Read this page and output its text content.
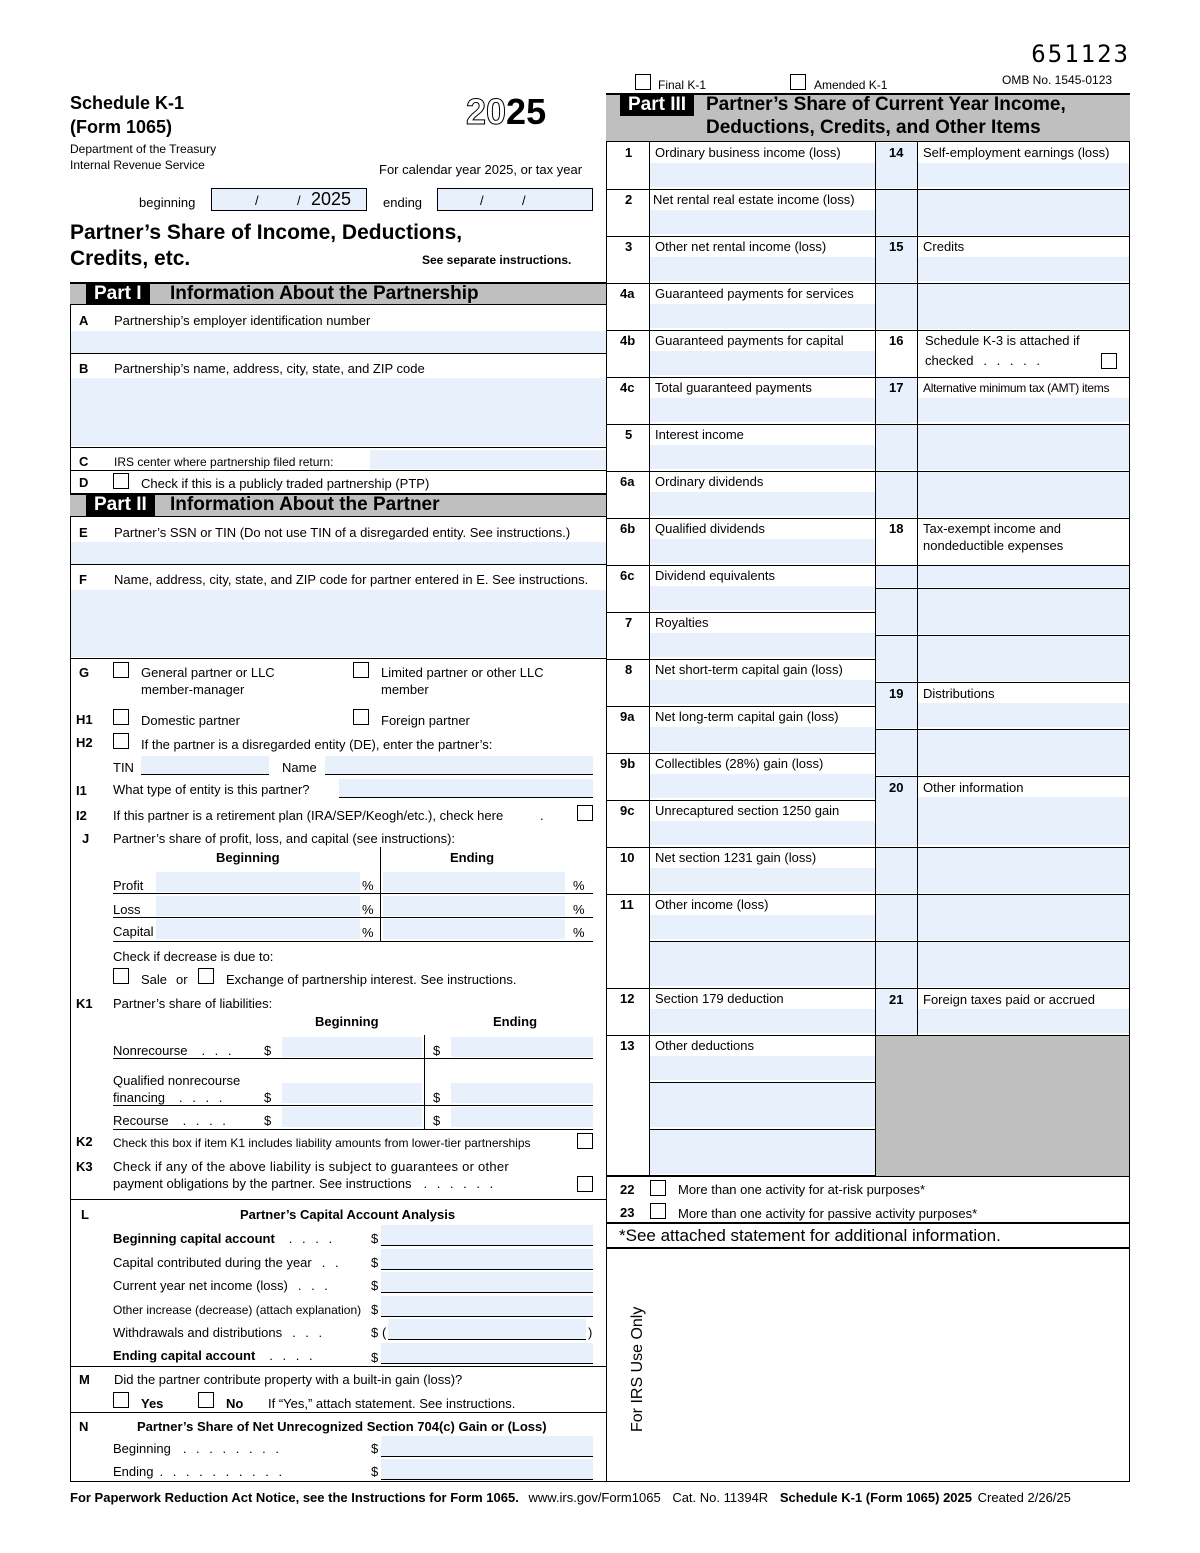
651123
OMB No. 1545-0123
Final K-1	Amended K-1
Schedule K-1
(Form 1065)	2025
Department of the Treasury
Internal Revenue Service	For calendar year 2025, or tax year
beginning	/	/ 2025 ending	/	/
Partner’s Share of Income, Deductions,
Credits, etc.	See separate instructions.
Part I	Information About the Partnership
A Partnership’s employer identification number
B Partnership’s name, address, city, state, and ZIP code
C IRS center where partnership filed return:
D	Check if this is a publicly traded partnership (PTP)
Part II	Information About the Partner
E Partner’s SSN or TIN (Do not use TIN of a disregarded entity. See instructions.)
F Name, address, city, state, and ZIP code for partner entered in E. See instructions.
G	General partner or LLC
member-manager
Limited partner or other LLC
member
H1	Domestic partner	Foreign partner
H2	If the partner is a disregarded entity (DE), enter the partner’s:
TIN	Name
I1 What type of entity is this partner?
I2 If this partner is a retirement plan (IRA/SEP/Keogh/etc.), check here	.
J Partner’s share of profit, loss, and capital (see instructions):
Beginning	Ending
Profit	%	%
Loss	%	%
Capital	%	%
Check if decrease is due to:
Sale or	Exchange of partnership interest. See instructions.
K1 Partner’s share of liabilities:
Beginning	Ending
Nonrecourse . . . $	$
Qualified nonrecourse
financing . . . .	$	$
Recourse . . . .	$	$
K2 Check this box if item K1 includes liability amounts from lower-tier partnerships
K3 Check if any of the above liability is subject to guarantees or other
payment obligations by the partner. See instructions . . . . . .
L	Partner’s Capital Account Analysis
Beginning capital account . . . .	$
Capital contributed during the year . . $
Current year net income (loss) . . .	$
Other increase (decrease) (attach explanation) $
Withdrawals and distributions . . .	$ (	)
Ending capital account . . . .	$
M Did the partner contribute property with a built-in gain (loss)?
Yes	No If “Yes,” attach statement. See instructions.
N	Partner’s Share of Net Unrecognized Section 704(c) Gain or (Loss)
Beginning . . . . . . . .	$
Ending . . . . . . . . . .	$
Part III	Partner’s Share of Current Year Income,
Deductions, Credits, and Other Items
1 Ordinary business income (loss)
2 Net rental real estate income (loss)
3 Other net rental income (loss)
4a Guaranteed payments for services
4b Guaranteed payments for capital
4c Total guaranteed payments
5 Interest income
6a Ordinary dividends
6b Qualified dividends
6c Dividend equivalents
7 Royalties
8 Net short-term capital gain (loss)
9a Net long-term capital gain (loss)
9b Collectibles (28%) gain (loss)
9c Unrecaptured section 1250 gain
10 Net section 1231 gain (loss)
11 Other income (loss)
12 Section 179 deduction
13 Other deductions
14 Self-employment earnings (loss)
15 Credits
16 Schedule K-3 is attached if
checked . . . . .
17 Alternative minimum tax (AMT) items
18 Tax-exempt income and
nondeductible expenses
19 Distributions
20 Other information
21 Foreign taxes paid or accrued
22	More than one activity for at-risk purposes*
23	More than one activity for passive activity purposes*
*See attached statement for additional information.
For IRS Use Only
For Paperwork Reduction Act Notice, see the Instructions for Form 1065. www.irs.gov/Form1065 Cat. No. 11394R Schedule K-1 (Form 1065) 2025 Created 2/26/25
